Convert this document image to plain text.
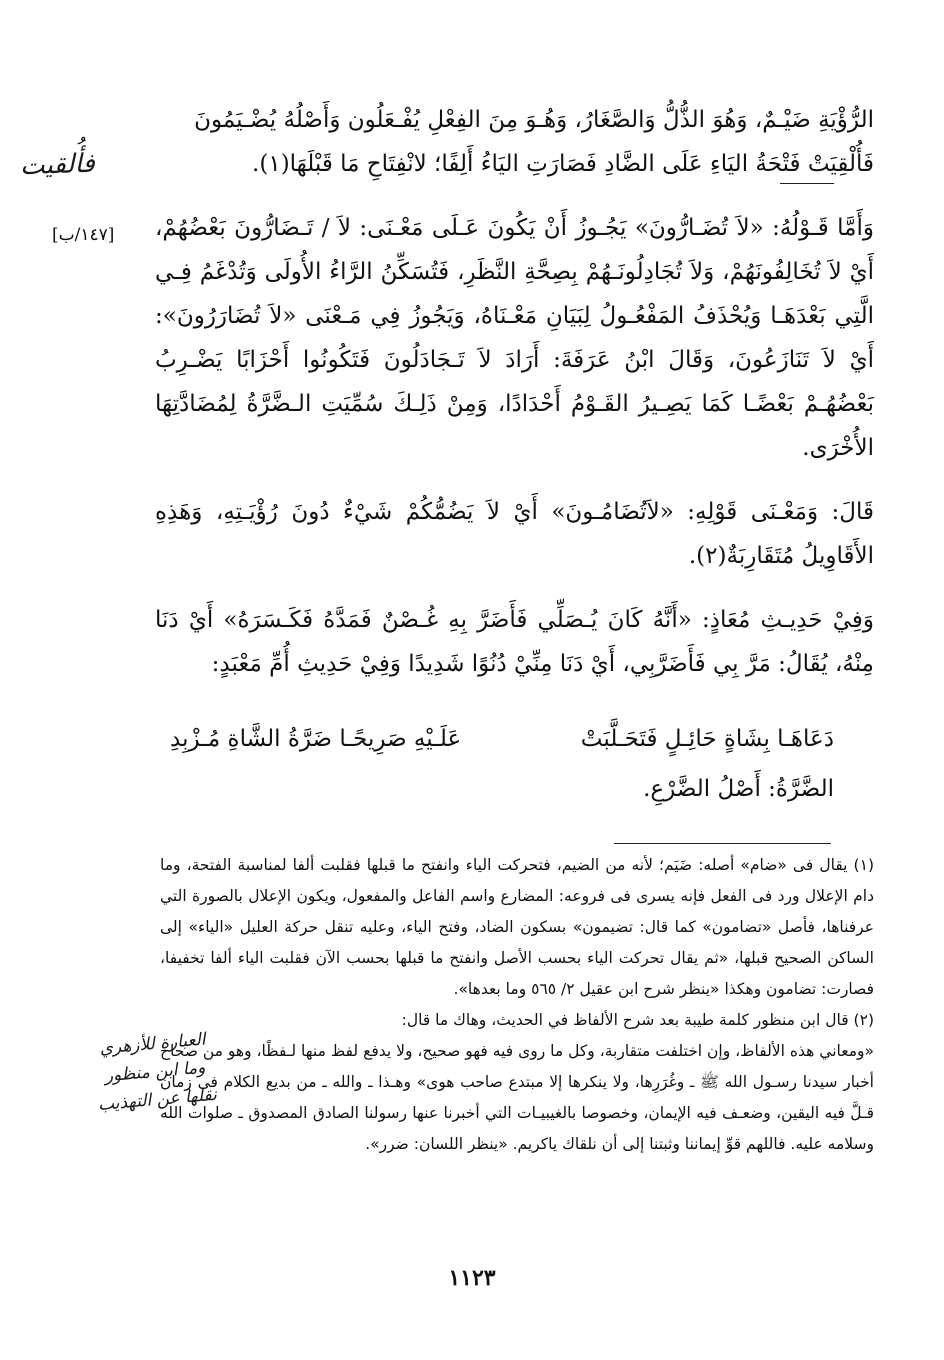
الرُّؤْيَةِ ضَيْـمٌ، وَهُوَ الذُّلُّ وَالصَّغَارُ، وَهُـوَ مِنَ الفِعْلِ يُفْـعَلُون وَأَصْلُهُ يُضْـيَمُونَ

فَأُلْقِيَتْ فَتْحَةُ اليَاءِ عَلَى الضَّادِ فَصَارَتِ اليَاءُ أَلِفًا؛ لانْفِتَاحِ مَا قَبْلَهَا(١).

وَأَمَّا قَـوْلُهُ: «لاَ تُضَـارُّونَ» يَجُـوزُ أَنْ يَكُونَ عَـلَى مَعْـنَى: لاَ / تَـضَارُّونَ بَعْضُهُمْ، أَيْ لاَ تُخَالِفُونَهُمْ، وَلاَ تُجَادِلُونَـهُمْ بِصِحَّةِ النَّظَرِ، فَتُسَكِّنُ الرَّاءُ الأُولَى وَتُدْغَمُ فِـي الَّتِي بَعْدَهَـا وَيُحْذَفُ المَفْعُـولُ لِبَيَانِ مَعْـنَاهُ، وَيَجُوزُ فِي مَـعْنَى «لاَ تُضَارَرُونَ»: أَيْ لاَ تَنَازَعُونَ، وَقَالَ ابْنُ عَرَفَةَ: أَرَادَ لاَ تَـجَادَلُونَ فَتَكُونُوا أَحْزَابًا يَضْـرِبُ بَعْضُهُـمْ بَعْضًـا كَمَا يَصِـيرُ القَـوْمُ أَحْدَادًا، وَمِنْ ذَلِـكَ سُمِّيَتِ الـضَّرَّةُ لِمُضَادَّتِهَا الأُخْرَى.

قَالَ: وَمَعْـنَى قَوْلِهِ: «لاَتُضَامُـونَ» أَيْ لاَ يَضُمُّكُمْ شَيْءٌ دُونَ رُؤْيَـتِهِ، وَهَذِهِ الأَقَاوِيلُ مُتَقَارِبَةٌ(٢).

وَفِيْ حَدِيـثِ مُعَاذٍ: «أَنَّهُ كَانَ يُـصَلِّي فَأَضَرَّ بِهِ غُـصْنٌ فَمَدَّهُ فَكَـسَرَهُ» أَيْ دَنَا مِنْهُ، يُقَالُ: مَرَّ بِي فَأَضَرَّبِي، أَيْ دَنَا مِنِّيْ دُنُوًا شَدِيدًا وَفِيْ حَدِيثِ أُمِّ مَعْبَدٍ:

[١٤٧/ب]
دَعَاهَـا بِشَاةٍ حَائِـلٍ فَتَحَـلَّبَتْ
عَلَـيْهِ صَرِيحًـا ضَرَّةُ الشَّاةِ مُـزْبِدِ
الضَّرَّةُ: أَصْلُ الضَّرْعِ.

(١) يقال فى «ضام» أصله: ضَيَم؛ لأنه من الضيم، فتحركت الياء وانفتح ما قبلها فقلبت ألفا لمناسبة الفتحة، وما دام الإعلال ورد فى الفعل فإنه يسرى فى فروعه: المضارع واسم الفاعل والمفعول، ويكون الإعلال بالصورة التي عرفناها، فأصل «تضامون» كما قال: تضيمون» بسكون الضاد، وفتح الياء، وعليه تنقل حركة العليل «الياء» إلى الساكن الصحيح قبلها، «ثم يقال تحركت الياء بحسب الأصل وانفتح ما قبلها بحسب الآن فقلبت الياء ألفا تخفيفا، فصارت: تضامون وهكذا «ينظر شرح ابن عقيل ٢/ ٥٦٥ وما بعدها».

(٢) قال ابن منظور كلمة طيبة بعد شرح الألفاظ في الحديث، وهاك ما قال:

«ومعاني هذه الألفاظ، وإن اختلفت متقاربة، وكل ما روى فيه فهو صحيح، ولا يدفع لفظ منها لـفظًا، وهو من صحاح أخبار سيدنا رسـول الله ﷺ ـ وغُرَرِها، ولا ينكرها إلا مبتدع صاحب هوى» وهـذا ـ والله ـ من بديع الكلام فى زمان قـلَّ فيه اليقين، وضعـف فيه الإيمان، وخصوصا بالغيبيـات التي أخبرنا عنها رسولنا الصادق المصدوق ـ صلوات الله وسلامه عليه. فاللهم قوِّ إيماننا وثبتنا إلى أن نلقاك ياكريم. «ينظر اللسان: ضرر».

١١٢٣
فأُلقيت
العبارة للأزهري
وما ابن منظور
نقلها عن التهذيب
